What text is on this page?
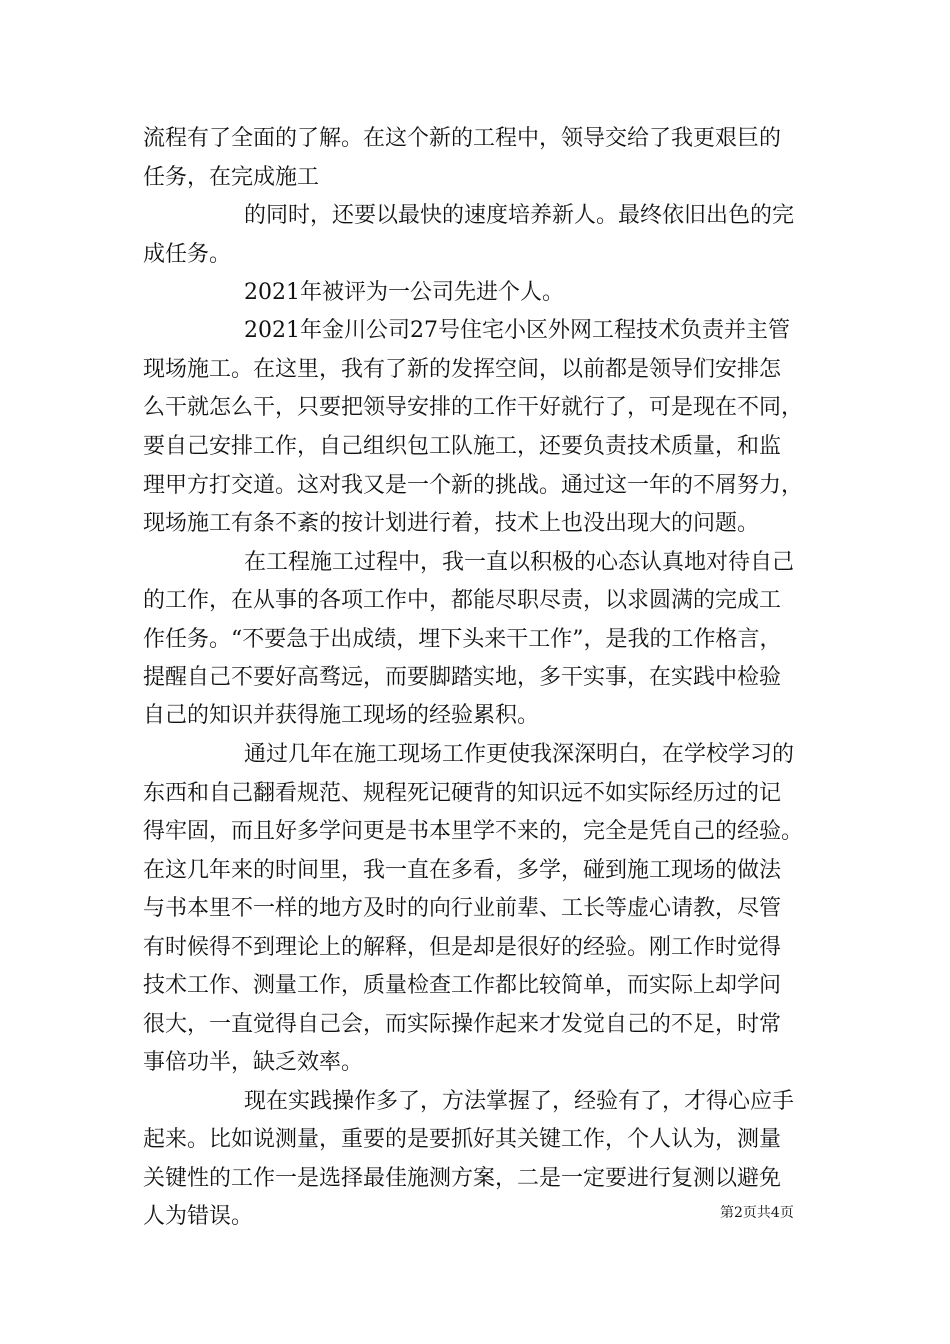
流程有了全面的了解。在这个新的工程中，领导交给了我更艰巨的
任务，在完成施工
的同时，还要以最快的速度培养新人。最终依旧出色的完
成任务。
2021年被评为一公司先进个人。
2021年金川公司27号住宅小区外网工程技术负责并主管
现场施工。在这里，我有了新的发挥空间，以前都是领导们安排怎
么干就怎么干，只要把领导安排的工作干好就行了，可是现在不同，
要自己安排工作，自己组织包工队施工，还要负责技术质量，和监
理甲方打交道。这对我又是一个新的挑战。通过这一年的不屑努力，
现场施工有条不紊的按计划进行着，技术上也没出现大的问题。
在工程施工过程中，我一直以积极的心态认真地对待自己
的工作，在从事的各项工作中，都能尽职尽责，以求圆满的完成工
作任务。“不要急于出成绩，埋下头来干工作”，是我的工作格言，
提醒自己不要好高骛远，而要脚踏实地，多干实事，在实践中检验
自己的知识并获得施工现场的经验累积。
通过几年在施工现场工作更使我深深明白，在学校学习的
东西和自己翻看规范、规程死记硬背的知识远不如实际经历过的记
得牢固，而且好多学问更是书本里学不来的，完全是凭自己的经验。
在这几年来的时间里，我一直在多看，多学，碰到施工现场的做法
与书本里不一样的地方及时的向行业前辈、工长等虚心请教，尽管
有时候得不到理论上的解释，但是却是很好的经验。刚工作时觉得
技术工作、测量工作，质量检查工作都比较简单，而实际上却学问
很大，一直觉得自己会，而实际操作起来才发觉自己的不足，时常
事倍功半，缺乏效率。
现在实践操作多了，方法掌握了，经验有了，才得心应手
起来。比如说测量，重要的是要抓好其关键工作，个人认为，测量
关键性的工作一是选择最佳施测方案，二是一定要进行复测以避免
人为错误。	第2页共4页
